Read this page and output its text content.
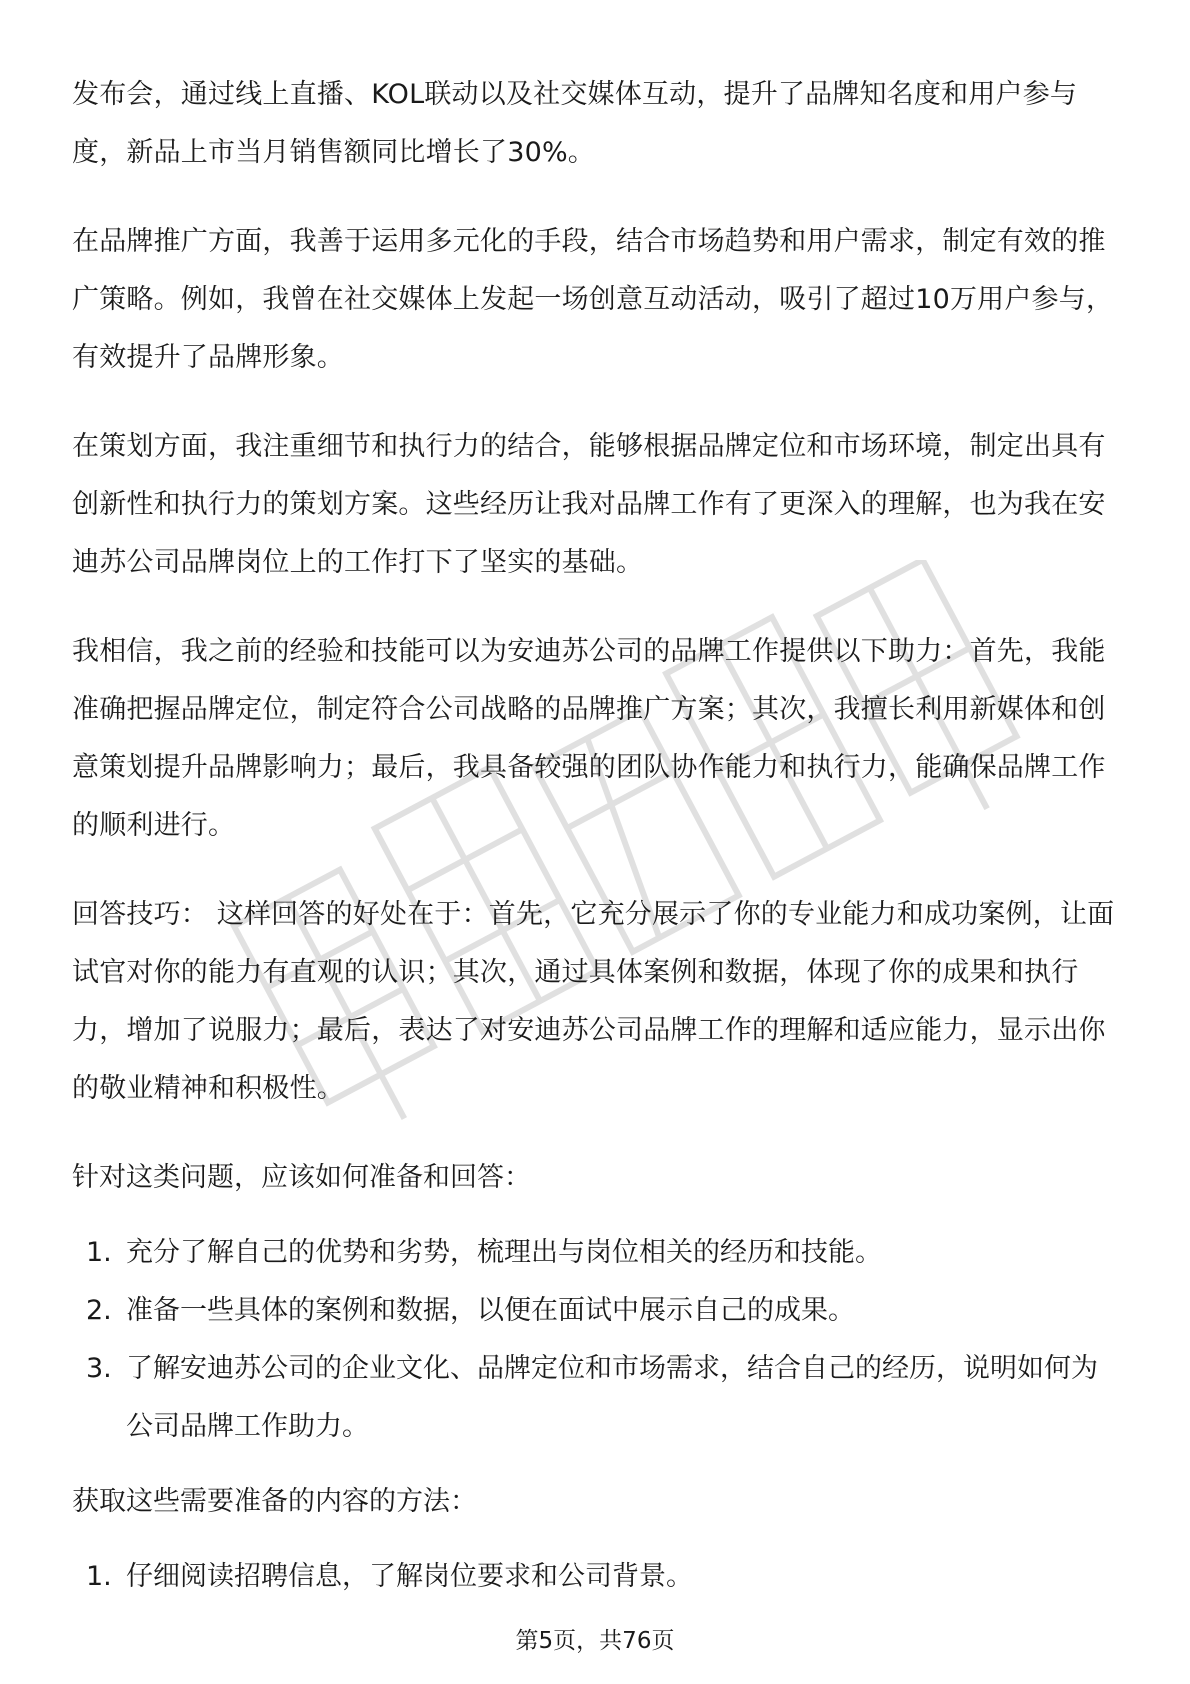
发布会，通过线上直播、KOL联动以及社交媒体互动，提升了品牌知名度和用户参与度，新品上市当月销售额同比增长了30%。

在品牌推广方面，我善于运用多元化的手段，结合市场趋势和用户需求，制定有效的推广策略。例如，我曾在社交媒体上发起一场创意互动活动，吸引了超过10万用户参与，有效提升了品牌形象。

在策划方面，我注重细节和执行力的结合，能够根据品牌定位和市场环境，制定出具有创新性和执行力的策划方案。这些经历让我对品牌工作有了更深入的理解，也为我在安迪苏公司品牌岗位上的工作打下了坚实的基础。

我相信，我之前的经验和技能可以为安迪苏公司的品牌工作提供以下助力：首先，我能准确把握品牌定位，制定符合公司战略的品牌推广方案；其次，我擅长利用新媒体和创意策划提升品牌影响力；最后，我具备较强的团队协作能力和执行力，能确保品牌工作的顺利进行。

回答技巧： 这样回答的好处在于：首先，它充分展示了你的专业能力和成功案例，让面试官对你的能力有直观的认识；其次，通过具体案例和数据，体现了你的成果和执行力，增加了说服力；最后，表达了对安迪苏公司品牌工作的理解和适应能力，显示出你的敬业精神和积极性。

针对这类问题，应该如何准备和回答：

1. 充分了解自己的优势和劣势，梳理出与岗位相关的经历和技能。
2. 准备一些具体的案例和数据，以便在面试中展示自己的成果。
3. 了解安迪苏公司的企业文化、品牌定位和市场需求，结合自己的经历，说明如何为公司品牌工作助力。

获取这些需要准备的内容的方法：

1. 仔细阅读招聘信息，了解岗位要求和公司背景。
第5页，共76页
